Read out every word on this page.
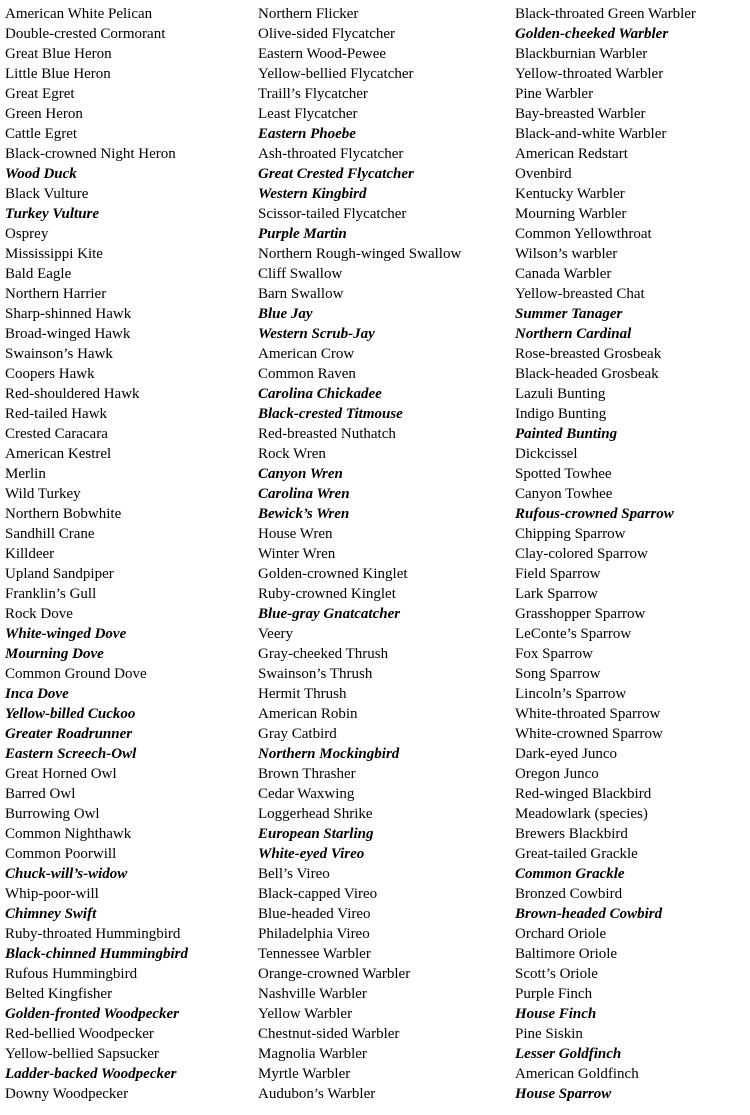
American White Pelican
Double-crested Cormorant
Great Blue Heron
Little Blue Heron
Great Egret
Green Heron
Cattle Egret
Black-crowned Night Heron
Wood Duck
Black Vulture
Turkey Vulture
Osprey
Mississippi Kite
Bald Eagle
Northern Harrier
Sharp-shinned Hawk
Broad-winged Hawk
Swainson’s Hawk
Coopers Hawk
Red-shouldered Hawk
Red-tailed Hawk
Crested Caracara
American Kestrel
Merlin
Wild Turkey
Northern Bobwhite
Sandhill Crane
Killdeer
Upland Sandpiper
Franklin’s Gull
Rock Dove
White-winged Dove
Mourning Dove
Common Ground Dove
Inca Dove
Yellow-billed Cuckoo
Greater Roadrunner
Eastern Screech-Owl
Great Horned Owl
Barred Owl
Burrowing Owl
Common Nighthawk
Common Poorwill
Chuck-will’s-widow
Whip-poor-will
Chimney Swift
Ruby-throated Hummingbird
Black-chinned Hummingbird
Rufous Hummingbird
Belted Kingfisher
Golden-fronted Woodpecker
Red-bellied Woodpecker
Yellow-bellied Sapsucker
Ladder-backed Woodpecker
Downy Woodpecker
Northern Flicker
Olive-sided Flycatcher
Eastern Wood-Pewee
Yellow-bellied Flycatcher
Traill’s Flycatcher
Least Flycatcher
Eastern Phoebe
Ash-throated Flycatcher
Great Crested Flycatcher
Western Kingbird
Scissor-tailed Flycatcher
Purple Martin
Northern Rough-winged Swallow
Cliff Swallow
Barn Swallow
Blue Jay
Western Scrub-Jay
American Crow
Common Raven
Carolina Chickadee
Black-crested Titmouse
Red-breasted Nuthatch
Rock Wren
Canyon Wren
Carolina Wren
Bewick’s Wren
House Wren
Winter Wren
Golden-crowned Kinglet
Ruby-crowned Kinglet
Blue-gray Gnatcatcher
Veery
Gray-cheeked Thrush
Swainson’s Thrush
Hermit Thrush
American Robin
Gray Catbird
Northern Mockingbird
Brown Thrasher
Cedar Waxwing
Loggerhead Shrike
European Starling
White-eyed Vireo
Bell’s Vireo
Black-capped Vireo
Blue-headed Vireo
Philadelphia Vireo
Tennessee Warbler
Orange-crowned Warbler
Nashville Warbler
Yellow Warbler
Chestnut-sided Warbler
Magnolia Warbler
Myrtle Warbler
Audubon’s Warbler
Black-throated Green Warbler
Golden-cheeked Warbler
Blackburnian Warbler
Yellow-throated Warbler
Pine Warbler
Bay-breasted Warbler
Black-and-white Warbler
American Redstart
Ovenbird
Kentucky Warbler
Mourning Warbler
Common Yellowthroat
Wilson’s warbler
Canada Warbler
Yellow-breasted Chat
Summer Tanager
Northern Cardinal
Rose-breasted Grosbeak
Black-headed Grosbeak
Lazuli Bunting
Indigo Bunting
Painted Bunting
Dickcissel
Spotted Towhee
Canyon Towhee
Rufous-crowned Sparrow
Chipping Sparrow
Clay-colored Sparrow
Field Sparrow
Lark Sparrow
Grasshopper Sparrow
LeConte’s Sparrow
Fox Sparrow
Song Sparrow
Lincoln’s Sparrow
White-throated Sparrow
White-crowned Sparrow
Dark-eyed Junco
Oregon Junco
Red-winged Blackbird
Meadowlark (species)
Brewers Blackbird
Great-tailed Grackle
Common Grackle
Bronzed Cowbird
Brown-headed Cowbird
Orchard Oriole
Baltimore Oriole
Scott’s Oriole
Purple Finch
House Finch
Pine Siskin
Lesser Goldfinch
American Goldfinch
House Sparrow
